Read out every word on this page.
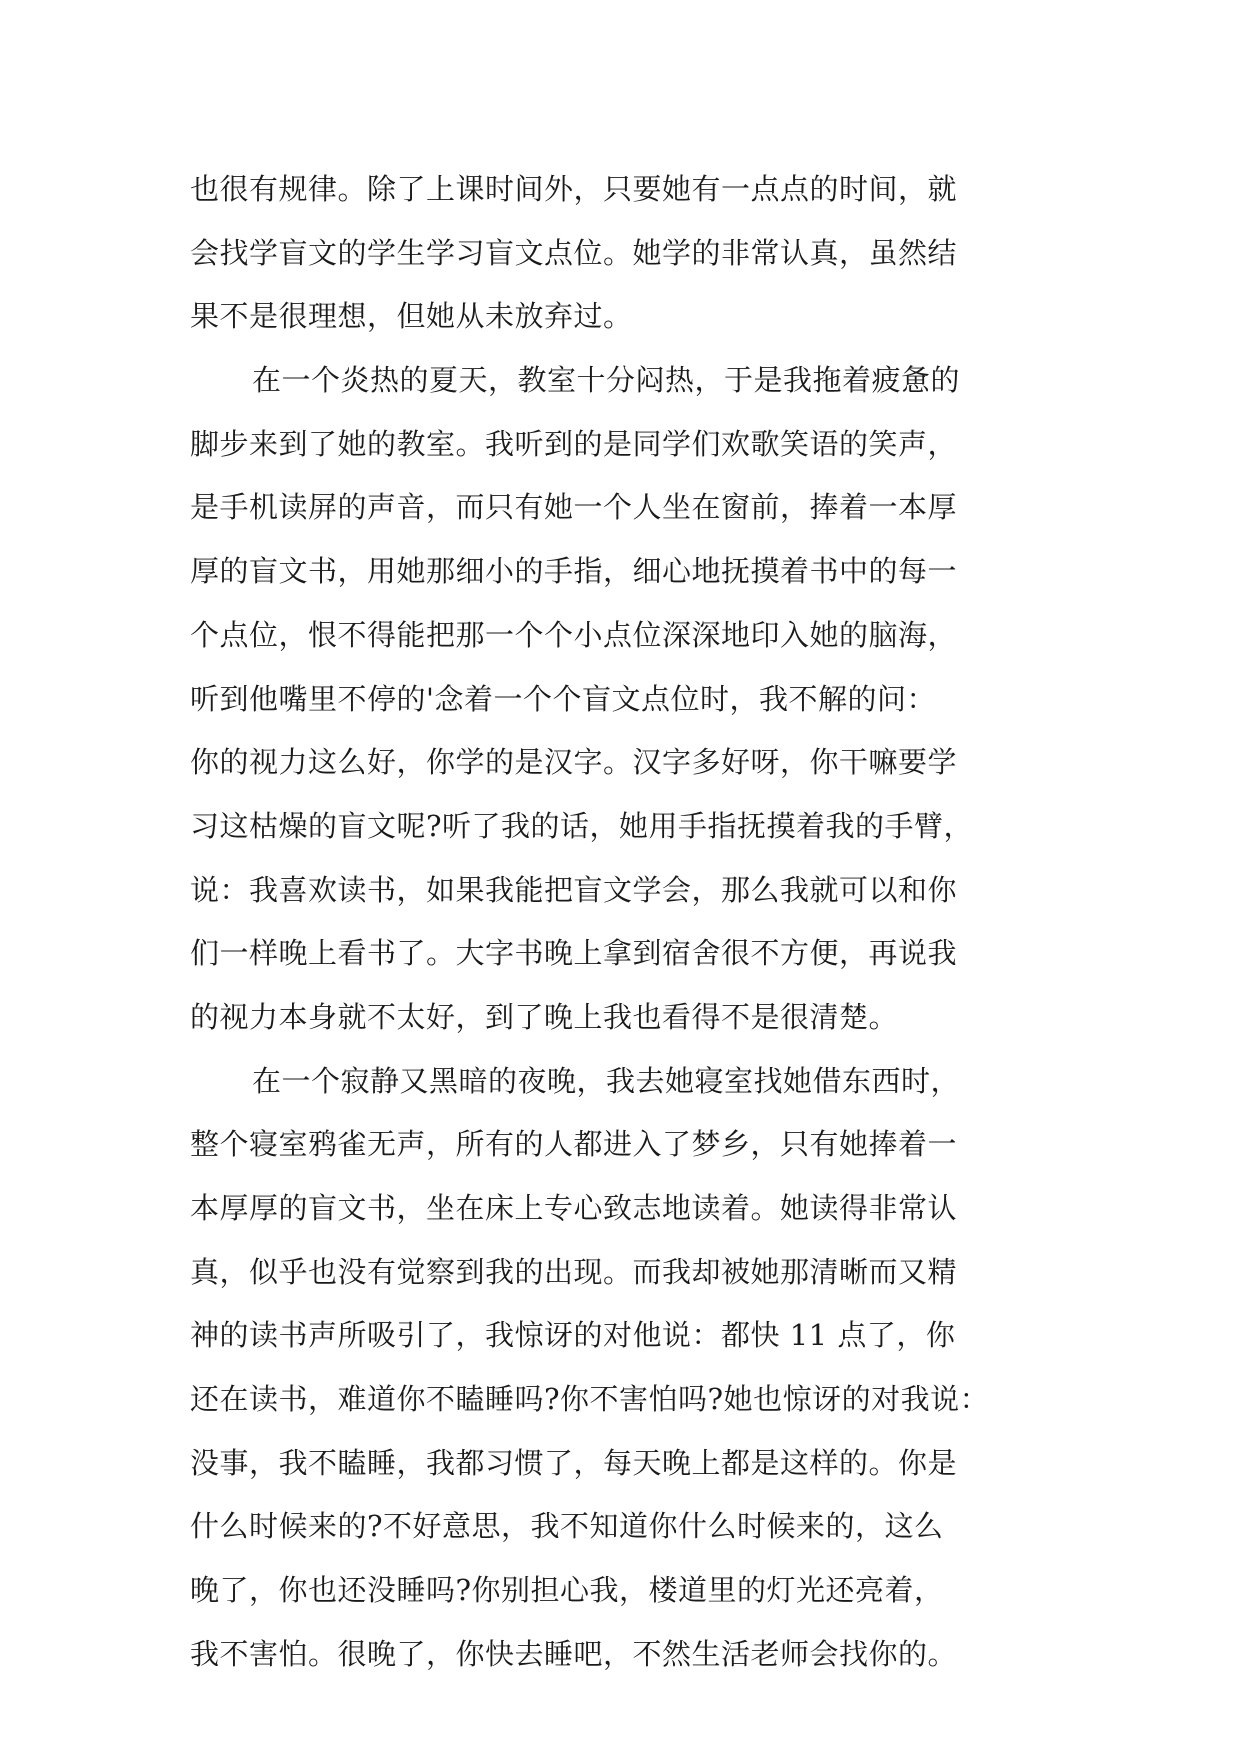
也很有规律。除了上课时间外，只要她有一点点的时间，就
会找学盲文的学生学习盲文点位。她学的非常认真，虽然结
果不是很理想，但她从未放弃过。
在一个炎热的夏天，教室十分闷热，于是我拖着疲惫的
脚步来到了她的教室。我听到的是同学们欢歌笑语的笑声，
是手机读屏的声音，而只有她一个人坐在窗前，捧着一本厚
厚的盲文书，用她那细小的手指，细心地抚摸着书中的每一
个点位，恨不得能把那一个个小点位深深地印入她的脑海，
听到他嘴里不停的'念着一个个盲文点位时，我不解的问：
你的视力这么好，你学的是汉字。汉字多好呀，你干嘛要学
习这枯燥的盲文呢?听了我的话，她用手指抚摸着我的手臂，
说：我喜欢读书，如果我能把盲文学会，那么我就可以和你
们一样晚上看书了。大字书晚上拿到宿舍很不方便，再说我
的视力本身就不太好，到了晚上我也看得不是很清楚。
在一个寂静又黑暗的夜晚，我去她寝室找她借东西时，
整个寝室鸦雀无声，所有的人都进入了梦乡，只有她捧着一
本厚厚的盲文书，坐在床上专心致志地读着。她读得非常认
真，似乎也没有觉察到我的出现。而我却被她那清晰而又精
神的读书声所吸引了，我惊讶的对他说：都快 11 点了，你
还在读书，难道你不瞌睡吗?你不害怕吗?她也惊讶的对我说：
没事，我不瞌睡，我都习惯了，每天晚上都是这样的。你是
什么时候来的?不好意思，我不知道你什么时候来的，这么
晚了，你也还没睡吗?你别担心我，楼道里的灯光还亮着，
我不害怕。很晚了，你快去睡吧，不然生活老师会找你的。
